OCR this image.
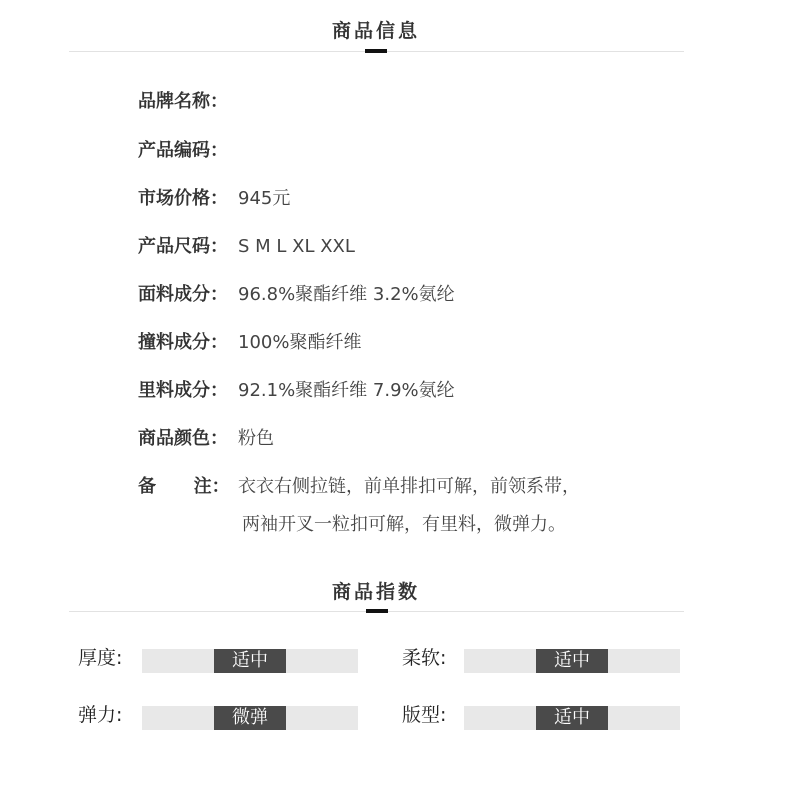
商品信息
品牌名称：
产品编码：
市场价格： 945元
产品尺码： S M L XL XXL
面料成分： 96.8%聚酯纤维 3.2%氨纶
撞料成分： 100%聚酯纤维
里料成分： 92.1%聚酯纤维 7.9%氨纶
商品颜色： 粉色
备      注： 衣衣右侧拉链，前单排扣可解，前领系带，
两袖开叉一粒扣可解，有里料，微弹力。
商品指数
厚度:	适中	柔软:	适中
弹力:	微弹	版型:	适中
